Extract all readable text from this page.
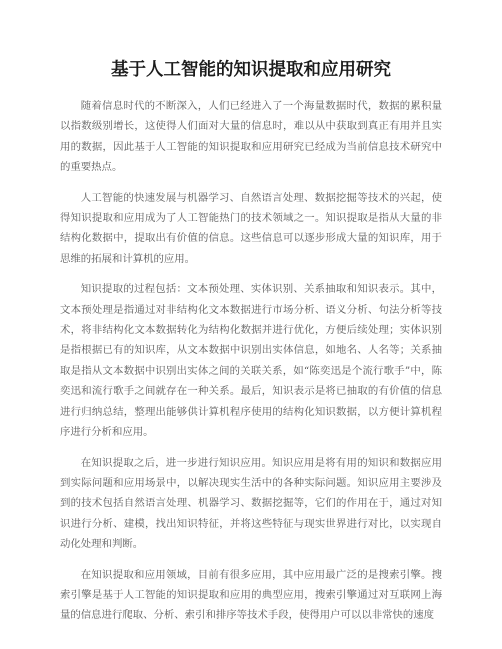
基于人工智能的知识提取和应用研究

随着信息时代的不断深入，人们已经进入了一个海量数据时代，数据的累积量以指数级别增长，这使得人们面对大量的信息时，难以从中获取到真正有用并且实用的数据，因此基于人工智能的知识提取和应用研究已经成为当前信息技术研究中的重要热点。

人工智能的快速发展与机器学习、自然语言处理、数据挖掘等技术的兴起，使得知识提取和应用成为了人工智能热门的技术领域之一。知识提取是指从大量的非结构化数据中，提取出有价值的信息。这些信息可以逐步形成大量的知识库，用于思维的拓展和计算机的应用。

知识提取的过程包括：文本预处理、实体识别、关系抽取和知识表示。其中，文本预处理是指通过对非结构化文本数据进行市场分析、语义分析、句法分析等技术，将非结构化文本数据转化为结构化数据并进行优化，方便后续处理；实体识别是指根据已有的知识库，从文本数据中识别出实体信息，如地名、人名等；关系抽取是指从文本数据中识别出实体之间的关联关系，如“陈奕迅是个流行歌手”中，陈奕迅和流行歌手之间就存在一种关系。最后，知识表示是将已抽取的有价值的信息进行归纳总结，整理出能够供计算机程序使用的结构化知识数据，以方便计算机程序进行分析和应用。

在知识提取之后，进一步进行知识应用。知识应用是将有用的知识和数据应用到实际问题和应用场景中，以解决现实生活中的各种实际问题。知识应用主要涉及到的技术包括自然语言处理、机器学习、数据挖掘等，它们的作用在于，通过对知识进行分析、建模，找出知识特征，并将这些特征与现实世界进行对比，以实现自动化处理和判断。

在知识提取和应用领域，目前有很多应用，其中应用最广泛的是搜索引擎。搜索引擎是基于人工智能的知识提取和应用的典型应用，搜索引擎通过对互联网上海量的信息进行爬取、分析、索引和排序等技术手段，使得用户可以以非常快的速度
